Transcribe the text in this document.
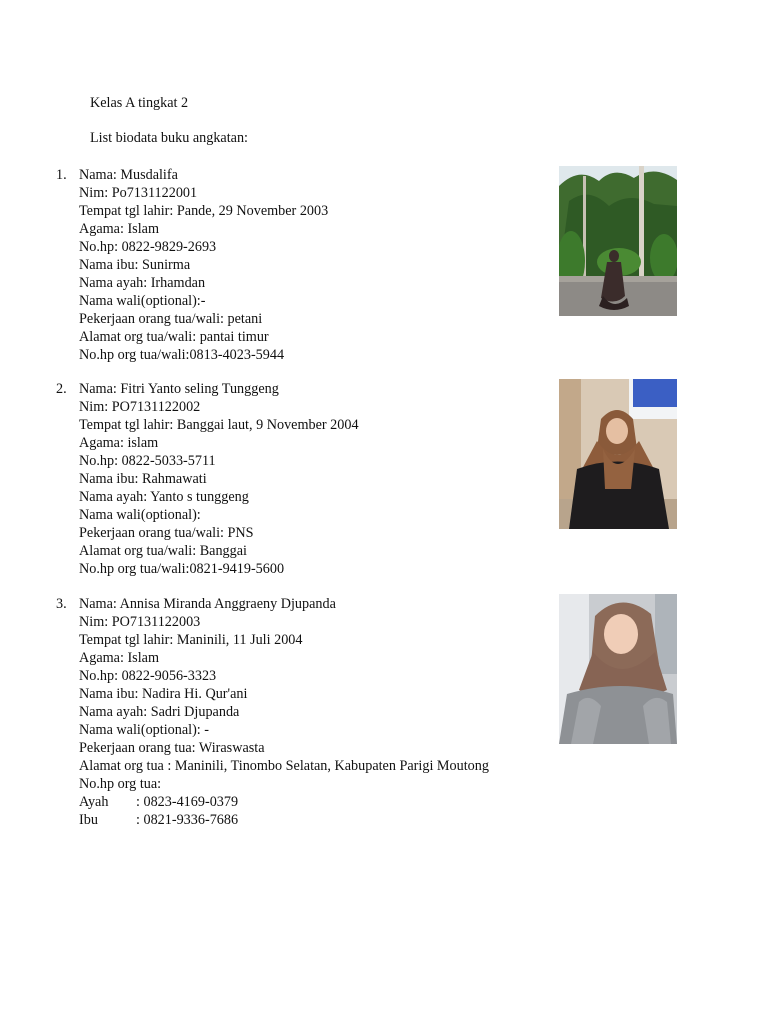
Kelas A tingkat 2
List biodata buku angkatan:
1. Nama: Musdalifa
Nim: Po7131122001
Tempat tgl lahir: Pande, 29 November 2003
Agama: Islam
No.hp: 0822-9829-2693
Nama ibu: Sunirma
Nama ayah: Irhamdan
Nama wali(optional):-
Pekerjaan orang tua/wali: petani
Alamat org tua/wali: pantai timur
No.hp org tua/wali:0813-4023-5944
2. Nama: Fitri Yanto seling Tunggeng
Nim: PO7131122002
Tempat tgl lahir: Banggai laut, 9 November 2004
Agama: islam
No.hp: 0822-5033-5711
Nama ibu: Rahmawati
Nama ayah: Yanto s tunggeng
Nama wali(optional):
Pekerjaan orang tua/wali: PNS
Alamat org tua/wali: Banggai
No.hp org tua/wali:0821-9419-5600
3. Nama: Annisa Miranda Anggraeny Djupanda
Nim: PO7131122003
Tempat tgl lahir: Maninili, 11 Juli 2004
Agama: Islam
No.hp: 0822-9056-3323
Nama ibu: Nadira Hi. Qur'ani
Nama ayah: Sadri Djupanda
Nama wali(optional): -
Pekerjaan orang tua: Wiraswasta
Alamat org tua : Maninili, Tinombo Selatan, Kabupaten Parigi Moutong
No.hp org tua:
Ayah : 0823-4169-0379
Ibu	: 0821-9336-7686
